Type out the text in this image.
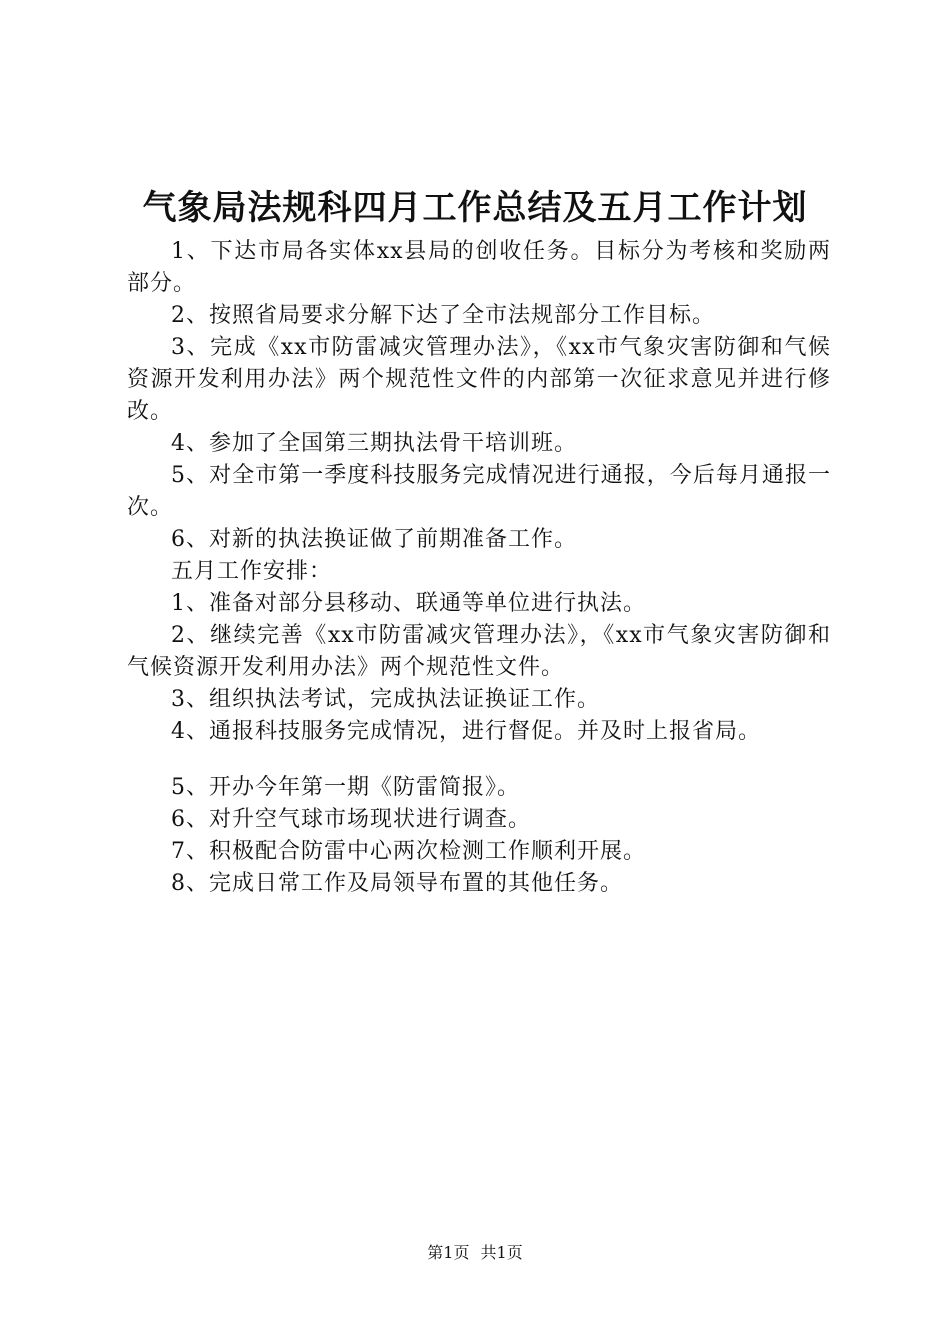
气象局法规科四月工作总结及五月工作计划

1、下达市局各实体xx县局的创收任务。目标分为考核和奖励两部分。

2、按照省局要求分解下达了全市法规部分工作目标。

3、完成《xx市防雷减灾管理办法》，《xx市气象灾害防御和气候资源开发利用办法》两个规范性文件的内部第一次征求意见并进行修改。

4、参加了全国第三期执法骨干培训班。

5、对全市第一季度科技服务完成情况进行通报，今后每月通报一次。

6、对新的执法换证做了前期准备工作。

五月工作安排：

1、准备对部分县移动、联通等单位进行执法。

2、继续完善《xx市防雷减灾管理办法》，《xx市气象灾害防御和气候资源开发利用办法》两个规范性文件。

3、组织执法考试，完成执法证换证工作。

4、通报科技服务完成情况，进行督促。并及时上报省局。

5、开办今年第一期《防雷简报》。

6、对升空气球市场现状进行调查。

7、积极配合防雷中心两次检测工作顺利开展。

8、完成日常工作及局领导布置的其他任务。

第1页 共1页
